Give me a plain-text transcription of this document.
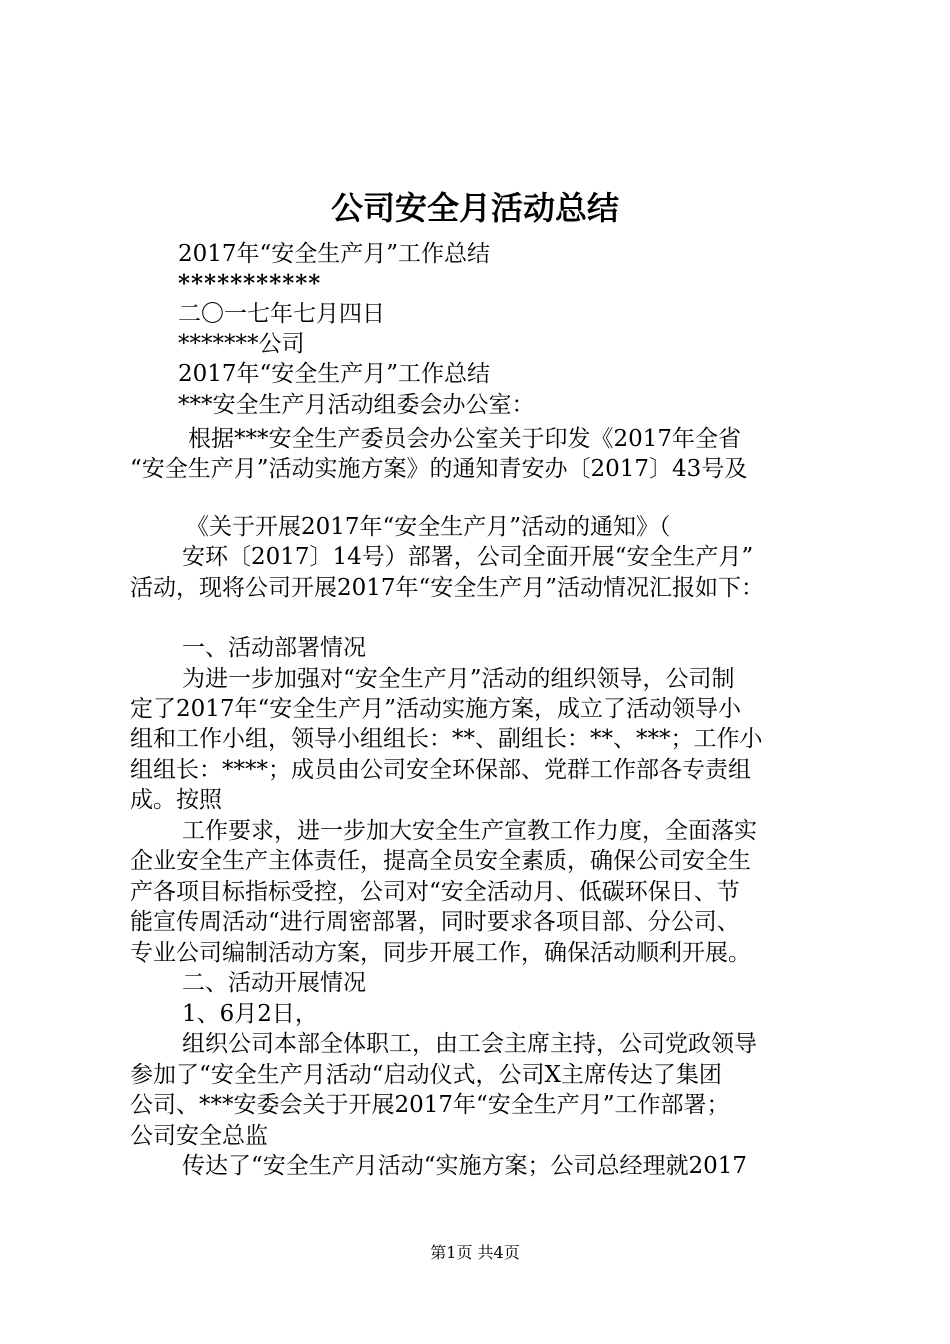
公司安全月活动总结
2017年“安全生产月”工作总结
***********
二〇一七年七月四日
*******公司
2017年“安全生产月”工作总结
***安全生产月活动组委会办公室：
根据***安全生产委员会办公室关于印发《2017年全省
“安全生产月”活动实施方案》的通知青安办〔2017〕43号及
《关于开展2017年“安全生产月”活动的通知》（
安环〔2017〕14号）部署，公司全面开展“安全生产月”
活动，现将公司开展2017年“安全生产月”活动情况汇报如下：
一、活动部署情况
为进一步加强对“安全生产月”活动的组织领导，公司制
定了2017年“安全生产月”活动实施方案，成立了活动领导小
组和工作小组，领导小组组长：**、副组长：**、***；工作小
组组长：****；成员由公司安全环保部、党群工作部各专责组
成。按照
工作要求，进一步加大安全生产宣教工作力度，全面落实
企业安全生产主体责任，提高全员安全素质，确保公司安全生
产各项目标指标受控，公司对“安全活动月、低碳环保日、节
能宣传周活动“进行周密部署，同时要求各项目部、分公司、
专业公司编制活动方案，同步开展工作，确保活动顺利开展。
二、活动开展情况
1、6月2日，
组织公司本部全体职工，由工会主席主持，公司党政领导
参加了“安全生产月活动“启动仪式，公司X主席传达了集团
公司、***安委会关于开展2017年“安全生产月”工作部署；
公司安全总监
传达了“安全生产月活动“实施方案；公司总经理就2017
第1页 共4页
